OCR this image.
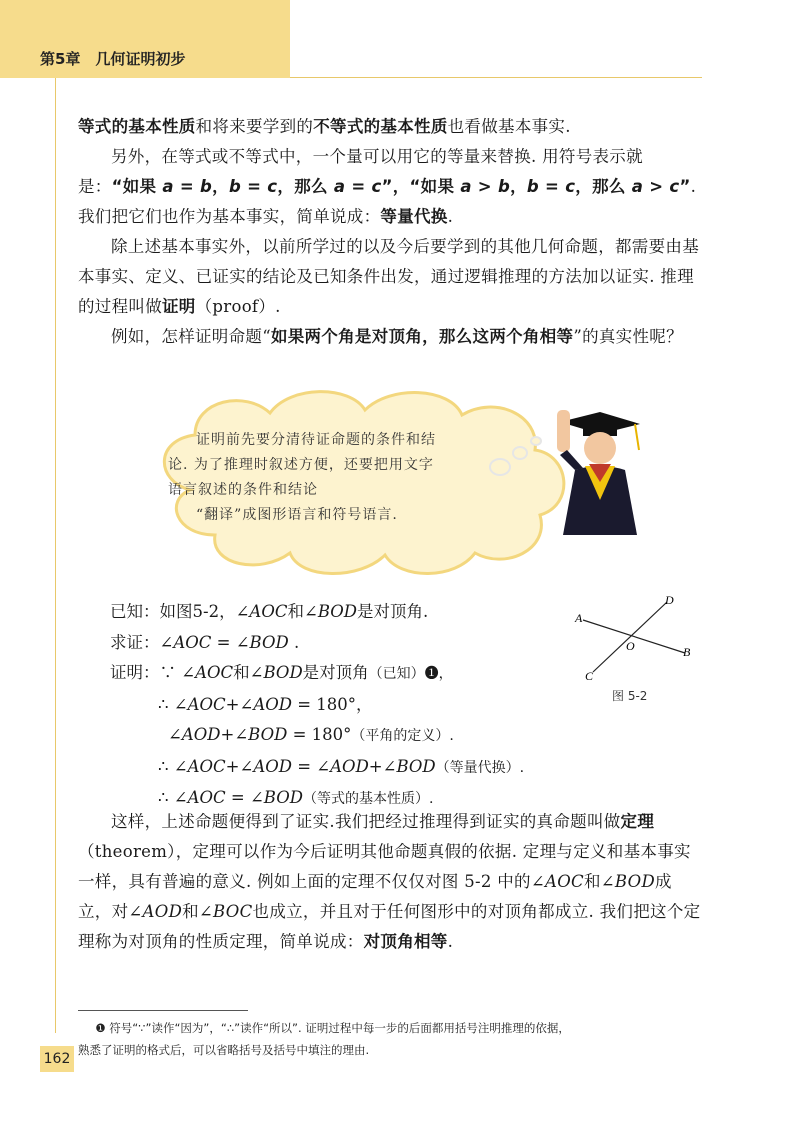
第5章　几何证明初步

等式的基本性质和将来要学到的不等式的基本性质也看做基本事实.

另外，在等式或不等式中，一个量可以用它的等量来替换. 用符号表示就是：“如果 a = b，b = c，那么 a = c”，“如果 a > b，b = c，那么 a > c”. 我们把它们也作为基本事实，简单说成：等量代换.

除上述基本事实外，以前所学过的以及今后要学到的其他几何命题，都需要由基本事实、定义、已证实的结论及已知条件出发，通过逻辑推理的方法加以证实. 推理的过程叫做证明（proof）.

例如，怎样证明命题“如果两个角是对顶角，那么这两个角相等”的真实性呢？

证明前先要分清待证命题的条件和结论. 为了推理时叙述方便，还要把用文字语言叙述的条件和结论

“翻译”成图形语言和符号语言.

已知：如图5-2，∠AOC和∠BOD是对顶角.
求证：∠AOC = ∠BOD .
证明：∵ ∠AOC和∠BOD是对顶角（已知）❶，
∴ ∠AOC+∠AOD = 180°，
∠AOD+∠BOD = 180°（平角的定义）.
∴ ∠AOC+∠AOD = ∠AOD+∠BOD（等量代换）.
∴ ∠AOC = ∠BOD（等式的基本性质）.
A
B
C
D
O
图 5-2

这样，上述命题便得到了证实.我们把经过推理得到证实的真命题叫做定理（theorem），定理可以作为今后证明其他命题真假的依据. 定理与定义和基本事实一样，具有普遍的意义. 例如上面的定理不仅仅对图 5-2 中的∠AOC和∠BOD成立，对∠AOD和∠BOC也成立，并且对于任何图形中的对顶角都成立. 我们把这个定理称为对顶角的性质定理，简单说成：对顶角相等.

❶ 符号“∵”读作“因为”，“∴”读作“所以”. 证明过程中每一步的后面都用括号注明推理的依据，

熟悉了证明的格式后，可以省略括号及括号中填注的理由.

162
